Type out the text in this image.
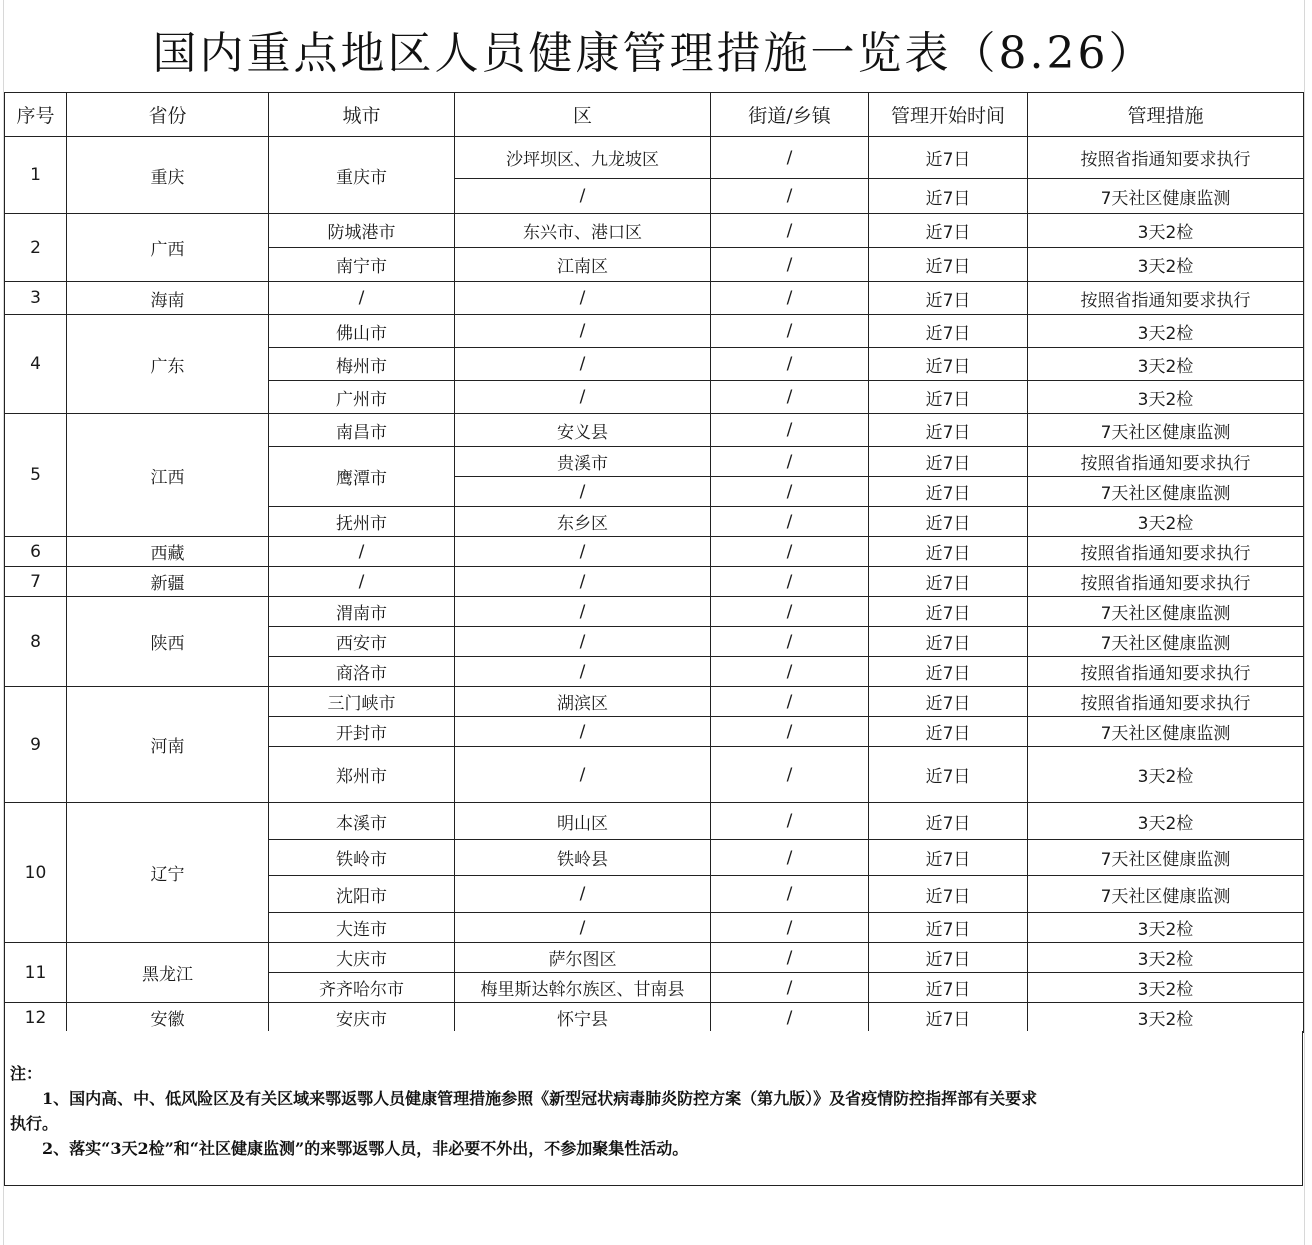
国内重点地区人员健康管理措施一览表（8.26）
序号	省份	城市	区	街道/乡镇	管理开始时间	管理措施
1	重庆	重庆市	沙坪坝区、九龙坡区	/	近7日	按照省指通知要求执行
			/	/	近7日	7天社区健康监测
2	广西	防城港市	东兴市、港口区	/	近7日	3天2检
		南宁市	江南区	/	近7日	3天2检
3	海南	/	/	/	近7日	按照省指通知要求执行
4	广东	佛山市	/	/	近7日	3天2检
		梅州市	/	/	近7日	3天2检
		广州市	/	/	近7日	3天2检
5	江西	南昌市	安义县	/	近7日	7天社区健康监测
		鹰潭市	贵溪市	/	近7日	按照省指通知要求执行
			/	/	近7日	7天社区健康监测
		抚州市	东乡区	/	近7日	3天2检
6	西藏	/	/	/	近7日	按照省指通知要求执行
7	新疆	/	/	/	近7日	按照省指通知要求执行
8	陕西	渭南市	/	/	近7日	7天社区健康监测
		西安市	/	/	近7日	7天社区健康监测
		商洛市	/	/	近7日	按照省指通知要求执行
9	河南	三门峡市	湖滨区	/	近7日	按照省指通知要求执行
		开封市	/	/	近7日	7天社区健康监测
		郑州市	/	/	近7日	3天2检
10	辽宁	本溪市	明山区	/	近7日	3天2检
		铁岭市	铁岭县	/	近7日	7天社区健康监测
		沈阳市	/	/	近7日	7天社区健康监测
		大连市	/	/	近7日	3天2检
11	黑龙江	大庆市	萨尔图区	/	近7日	3天2检
		齐齐哈尔市	梅里斯达斡尔族区、甘南县	/	近7日	3天2检
12	安徽	安庆市	怀宁县	/	近7日	3天2检

注：

1、国内高、中、低风险区及有关区域来鄂返鄂人员健康管理措施参照《新型冠状病毒肺炎防控方案（第九版）》及省疫情防控指挥部有关要求

执行。

2、落实“3天2检”和“社区健康监测”的来鄂返鄂人员，非必要不外出，不参加聚集性活动。
